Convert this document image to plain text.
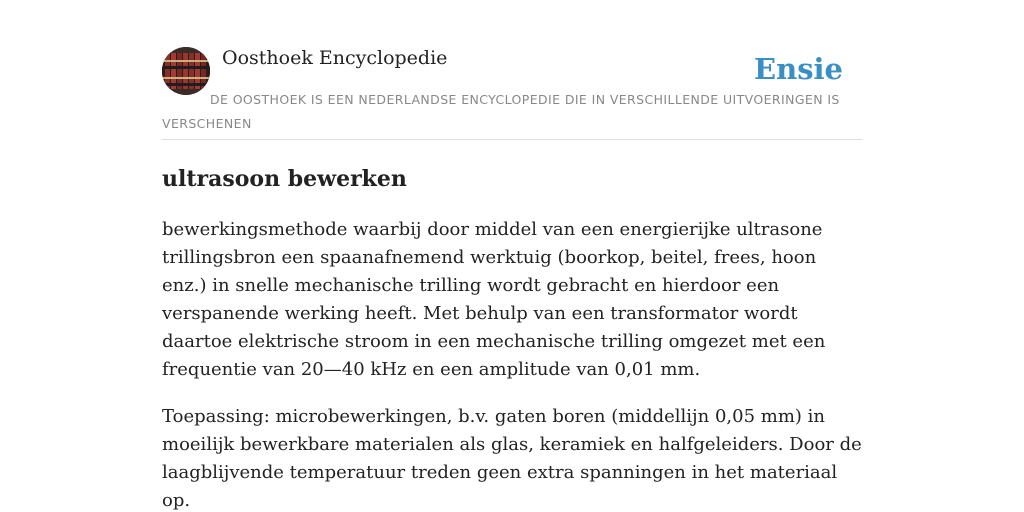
Oosthoek Encyclopedie	Ensie
DE OOSTHOEK IS EEN NEDERLANDSE ENCYCLOPEDIE DIE IN VERSCHILLENDE UITVOERINGEN IS VERSCHENEN
ultrasoon bewerken

bewerkingsmethode waarbij door middel van een energierijke ultrasone trillingsbron een spaanafnemend werktuig (boorkop, beitel, frees, hoon enz.) in snelle mechanische trilling wordt gebracht en hierdoor een verspanende werking heeft. Met behulp van een transformator wordt daartoe elektrische stroom in een mechanische trilling omgezet met een frequentie van 20—40 kHz en een amplitude van 0,01 mm.

Toepassing: microbewerkingen, b.v. gaten boren (middellijn 0,05 mm) in moeilijk bewerkbare materialen als glas, keramiek en halfgeleiders. Door de laagblijvende temperatuur treden geen extra spanningen in het materiaal op.
